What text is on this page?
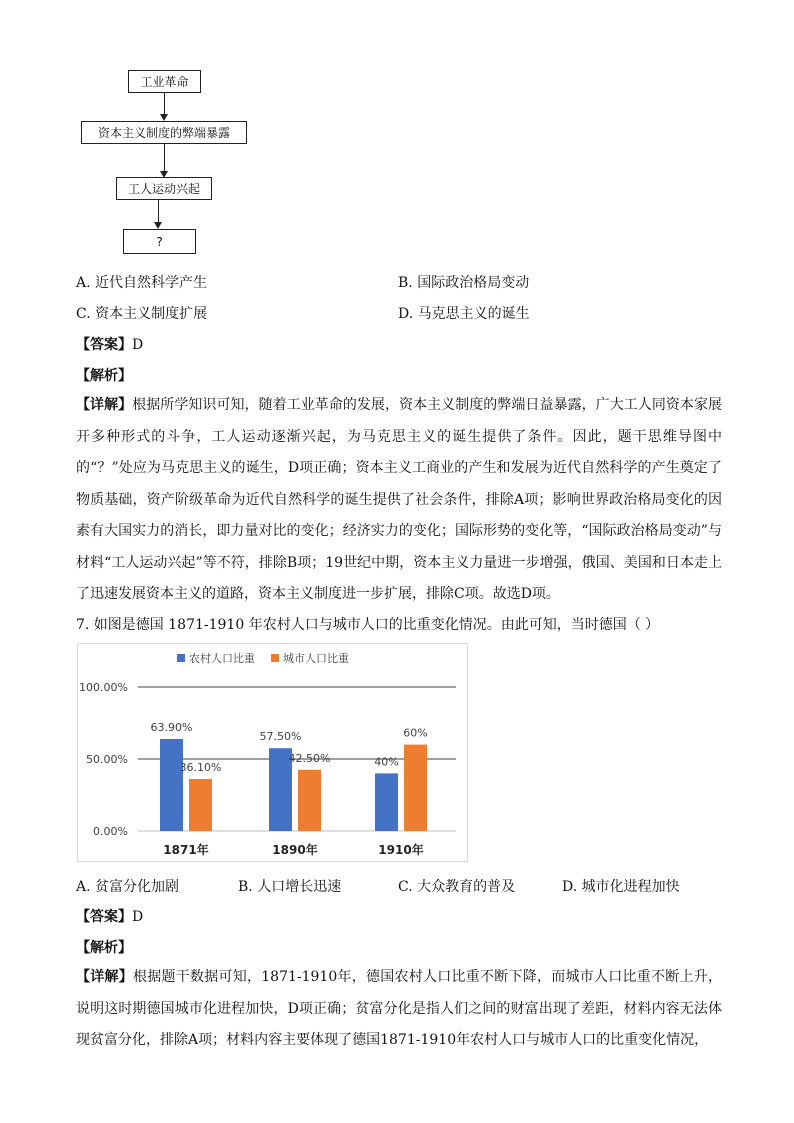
工业革命
资本主义制度的弊端暴露
工人运动兴起
?
A. 近代自然科学产生	B. 国际政治格局变动
C. 资本主义制度扩展	D. 马克思主义的诞生
【答案】D
【解析】
【详解】根据所学知识可知，随着工业革命的发展，资本主义制度的弊端日益暴露，广大工人同资本家展开多种形式的斗争，工人运动逐渐兴起，为马克思主义的诞生提供了条件。因此，题干思维导图中的“？”处应为马克思主义的诞生，D项正确；资本主义工商业的产生和发展为近代自然科学的产生奠定了物质基础，资产阶级革命为近代自然科学的诞生提供了社会条件，排除A项；影响世界政治格局变化的因素有大国实力的消长，即力量对比的变化；经济实力的变化；国际形势的变化等，“国际政治格局变动”与材料“工人运动兴起”等不符，排除B项；19世纪中期，资本主义力量进一步增强，俄国、美国和日本走上了迅速发展资本主义的道路，资本主义制度进一步扩展，排除C项。故选D项。
7. 如图是德国 1871-1910 年农村人口与城市人口的比重变化情况。由此可知，当时德国（ ）
农村人口比重	城市人口比重
0.00%
50.00%
100.00%
63.90%
36.10%
1871年
57.50%
42.50%
1890年
40%
60%
1910年
A. 贫富分化加剧	B. 人口增长迅速	C. 大众教育的普及	D. 城市化进程加快
【答案】D
【解析】
【详解】根据题干数据可知，1871-1910年，德国农村人口比重不断下降，而城市人口比重不断上升，说明这时期德国城市化进程加快，D项正确；贫富分化是指人们之间的财富出现了差距，材料内容无法体现贫富分化，排除A项；材料内容主要体现了德国1871-1910年农村人口与城市人口的比重变化情况，
